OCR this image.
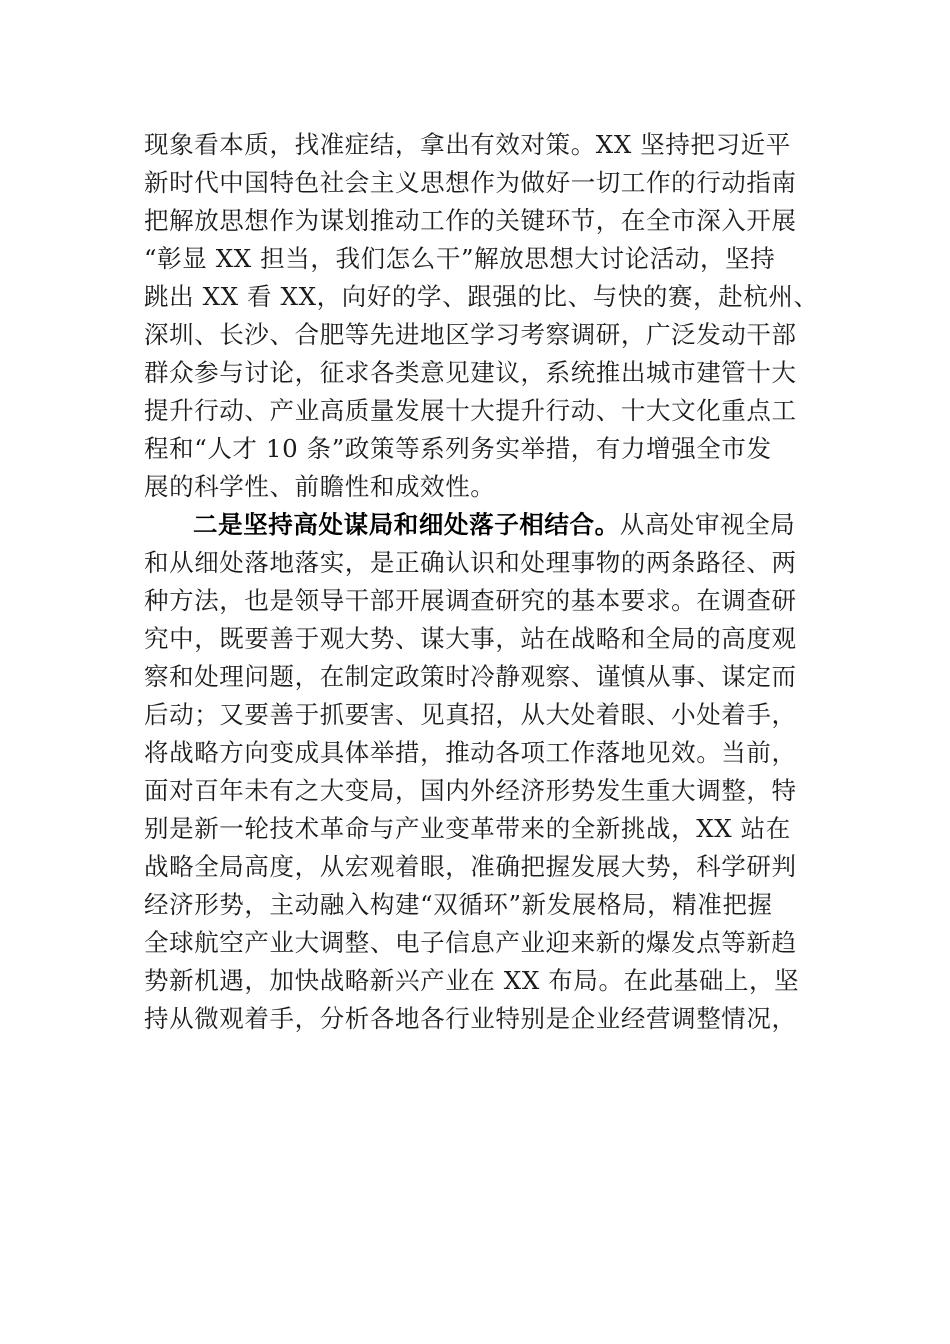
现象看本质，找准症结，拿出有效对策。XX 坚持把习近平
新时代中国特色社会主义思想作为做好一切工作的行动指南
把解放思想作为谋划推动工作的关键环节，在全市深入开展
“彰显 XX 担当，我们怎么干”解放思想大讨论活动，坚持
跳出 XX 看 XX，向好的学、跟强的比、与快的赛，赴杭州、
深圳、长沙、合肥等先进地区学习考察调研，广泛发动干部
群众参与讨论，征求各类意见建议，系统推出城市建管十大
提升行动、产业高质量发展十大提升行动、十大文化重点工
程和“人才 10 条”政策等系列务实举措，有力增强全市发
展的科学性、前瞻性和成效性。
二是坚持高处谋局和细处落子相结合。从高处审视全局
和从细处落地落实，是正确认识和处理事物的两条路径、两
种方法，也是领导干部开展调查研究的基本要求。在调查研
究中，既要善于观大势、谋大事，站在战略和全局的高度观
察和处理问题，在制定政策时冷静观察、谨慎从事、谋定而
后动；又要善于抓要害、见真招，从大处着眼、小处着手，
将战略方向变成具体举措，推动各项工作落地见效。当前，
面对百年未有之大变局，国内外经济形势发生重大调整，特
别是新一轮技术革命与产业变革带来的全新挑战，XX 站在
战略全局高度，从宏观着眼，准确把握发展大势，科学研判
经济形势，主动融入构建“双循环”新发展格局，精准把握
全球航空产业大调整、电子信息产业迎来新的爆发点等新趋
势新机遇，加快战略新兴产业在 XX 布局。在此基础上，坚
持从微观着手，分析各地各行业特别是企业经营调整情况，
